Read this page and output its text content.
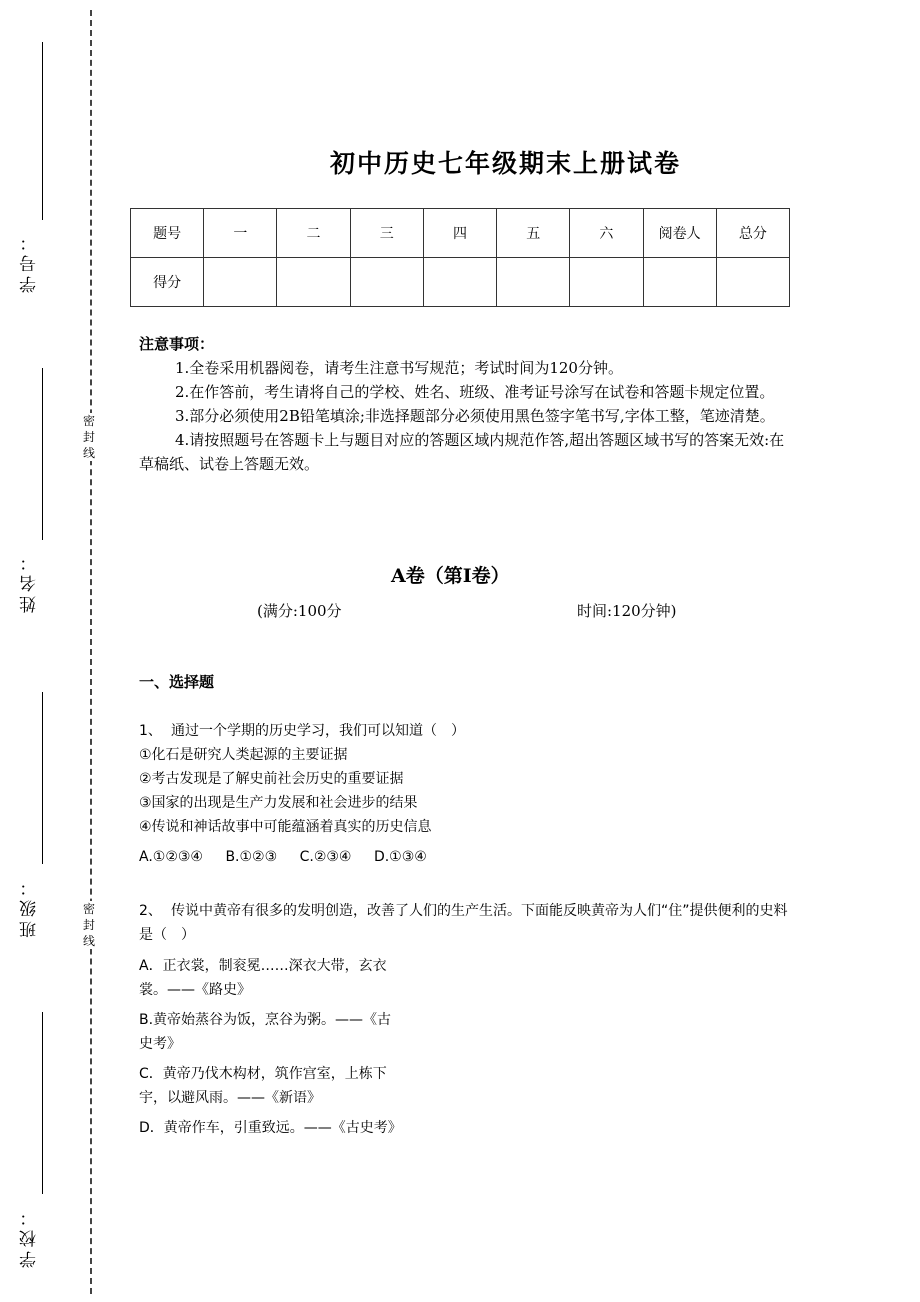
学号：
姓名：
班级：
学校：
密封线
密封线
初中历史七年级期末上册试卷
题号	一	二	三	四	五	六	阅卷人	总分
得分								
注意事项：
1.全卷采用机器阅卷，请考生注意书写规范；考试时间为120分钟。
2.在作答前，考生请将自己的学校、姓名、班级、准考证号涂写在试卷和答题卡规定位置。
3.部分必须使用2B铅笔填涂;非选择题部分必须使用黑色签字笔书写,字体工整，笔迹清楚。
4.请按照题号在答题卡上与题目对应的答题区域内规范作答,超出答题区域书写的答案无效:在草稿纸、试卷上答题无效。
A卷（第I卷）
(满分:100分	时间:120分钟)
一、选择题
1、 通过一个学期的历史学习，我们可以知道（　）
①化石是研究人类起源的主要证据
②考古发现是了解史前社会历史的重要证据
③国家的出现是生产力发展和社会进步的结果
④传说和神话故事中可能蕴涵着真实的历史信息
A.①②③④ B.①②③ C.②③④ D.①③④
2、 传说中黄帝有很多的发明创造，改善了人们的生产生活。下面能反映黄帝为人们“住”提供便利的史料是（　）
A．正衣裳，制衮冕……深衣大带，玄衣裳。——《路史》
B.黄帝始蒸谷为饭，烹谷为粥。——《古史考》
C．黄帝乃伐木构材，筑作宫室，上栋下宇，以避风雨。——《新语》
D．黄帝作车，引重致远。——《古史考》
